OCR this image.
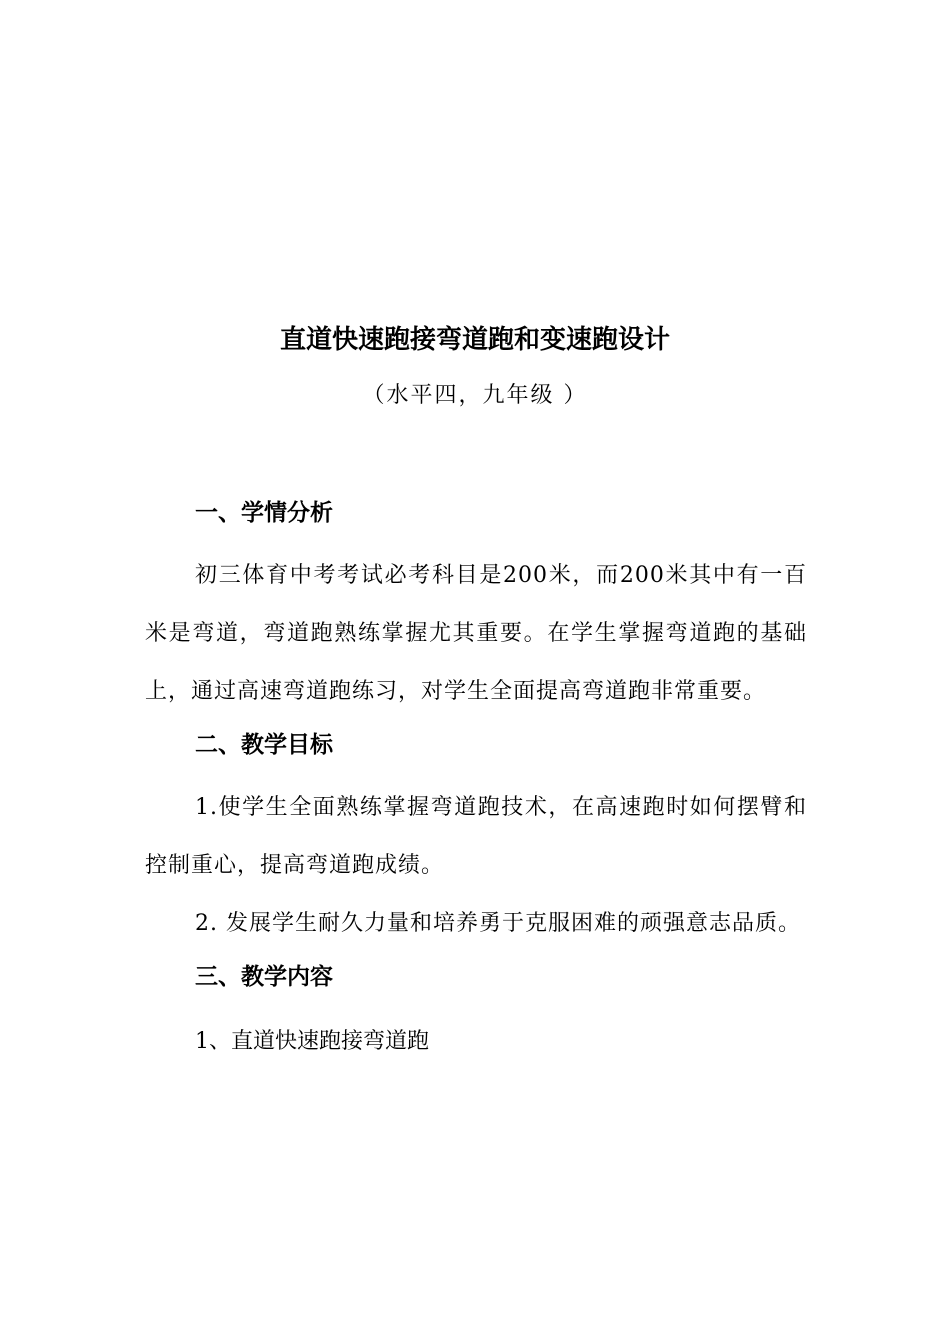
直道快速跑接弯道跑和变速跑设计

（水平四，九年级 ）

一、学情分析

初三体育中考考试必考科目是200米，而200米其中有一百米是弯道，弯道跑熟练掌握尤其重要。在学生掌握弯道跑的基础上，通过高速弯道跑练习，对学生全面提高弯道跑非常重要。

二、教学目标

1.使学生全面熟练掌握弯道跑技术，在高速跑时如何摆臂和控制重心，提高弯道跑成绩。

2. 发展学生耐久力量和培养勇于克服困难的顽强意志品质。

三、教学内容

1、直道快速跑接弯道跑
